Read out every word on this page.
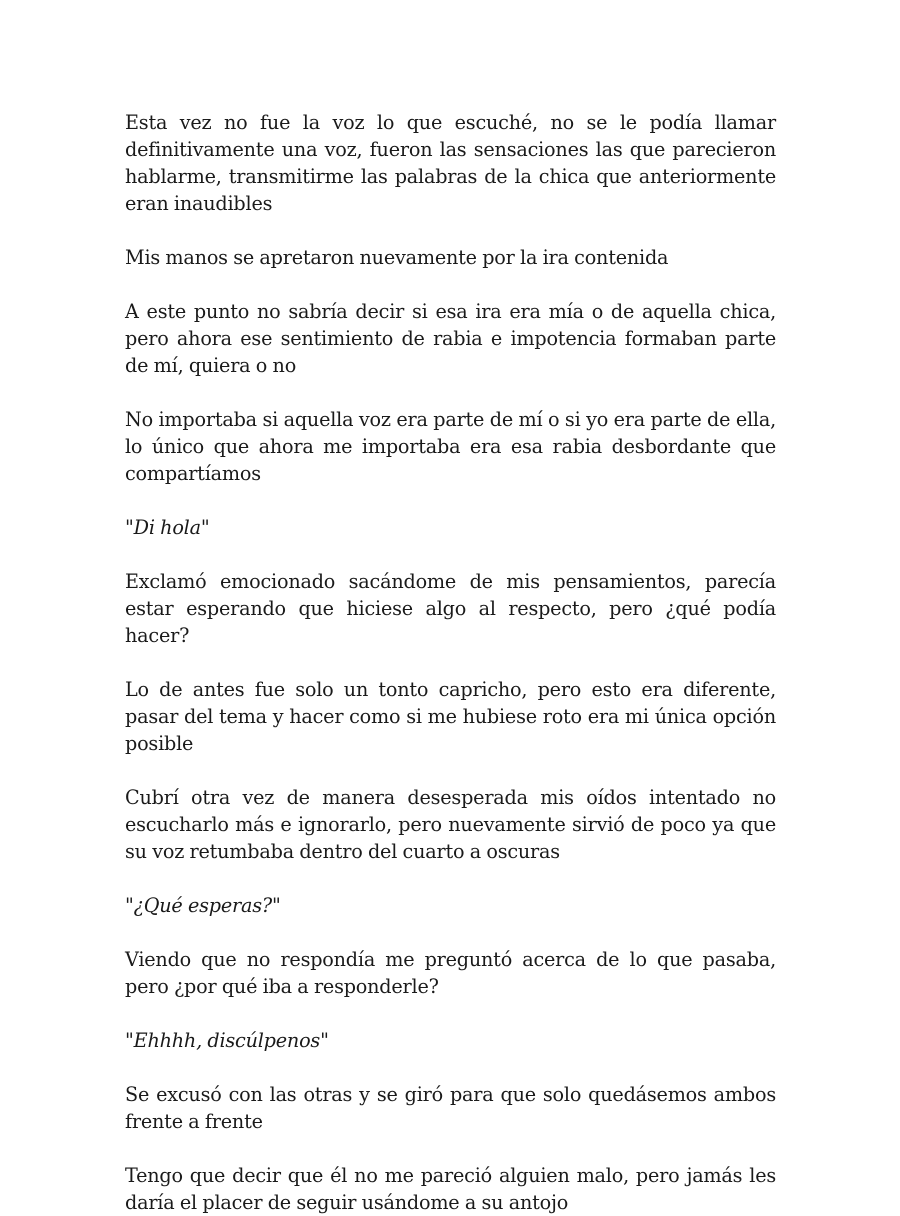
Esta vez no fue la voz lo que escuché, no se le podía llamar definitivamente una voz, fueron las sensaciones las que parecieron hablarme, transmitirme las palabras de la chica que anteriormente eran inaudibles

Mis manos se apretaron nuevamente por la ira contenida

A este punto no sabría decir si esa ira era mía o de aquella chica, pero ahora ese sentimiento de rabia e impotencia formaban parte de mí, quiera o no

No importaba si aquella voz era parte de mí o si yo era parte de ella, lo único que ahora me importaba era esa rabia desbordante que compartíamos

"Di hola"

Exclamó emocionado sacándome de mis pensamientos, parecía estar esperando que hiciese algo al respecto, pero ¿qué podía hacer?

Lo de antes fue solo un tonto capricho, pero esto era diferente, pasar del tema y hacer como si me hubiese roto era mi única opción posible

Cubrí otra vez de manera desesperada mis oídos intentado no escucharlo más e ignorarlo, pero nuevamente sirvió de poco ya que su voz retumbaba dentro del cuarto a oscuras

"¿Qué esperas?"

Viendo que no respondía me preguntó acerca de lo que pasaba, pero ¿por qué iba a responderle?

"Ehhhh, discúlpenos"

Se excusó con las otras y se giró para que solo quedásemos ambos frente a frente

Tengo que decir que él no me pareció alguien malo, pero jamás les daría el placer de seguir usándome a su antojo
